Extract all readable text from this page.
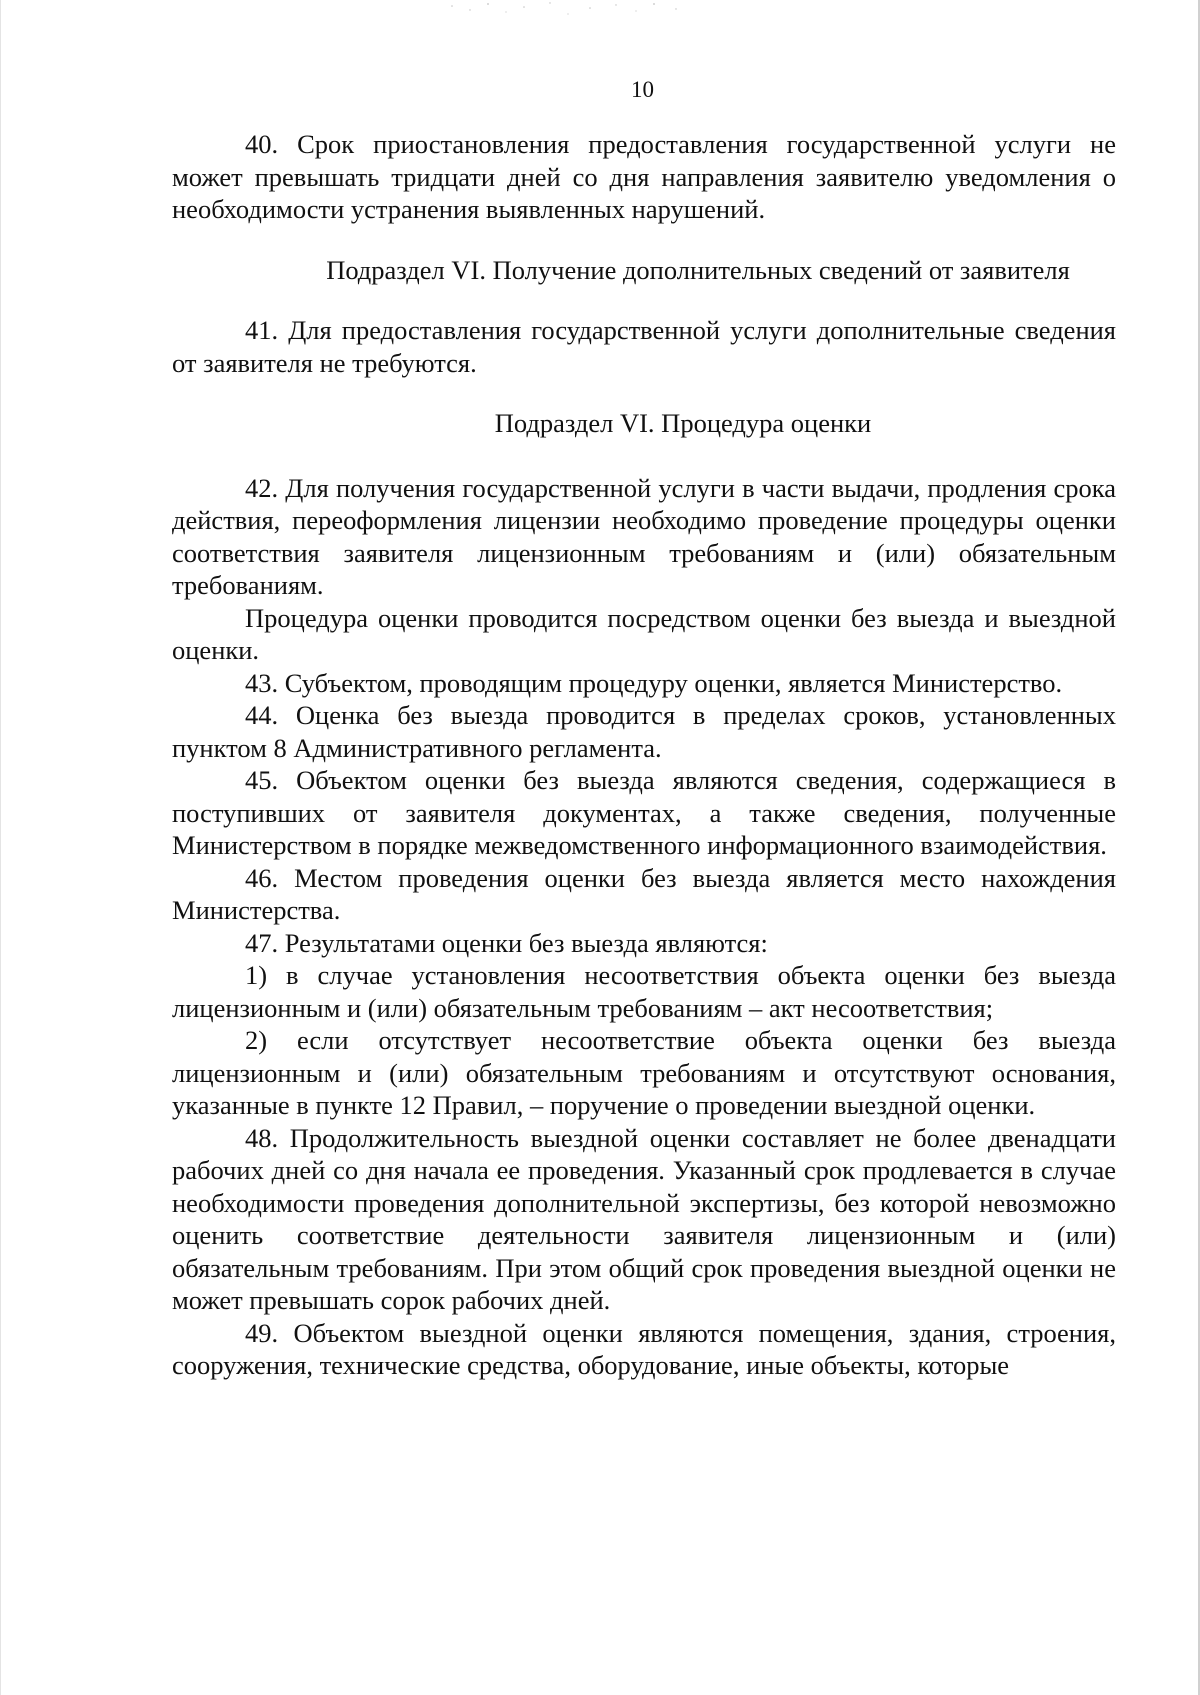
10

40. Срок приостановления предоставления государственной услуги не может превышать тридцати дней со дня направления заявителю уведомления о необходимости устранения выявленных нарушений.

Подраздел VI. Получение дополнительных сведений от заявителя

41. Для предоставления государственной услуги дополнительные сведения от заявителя не требуются.

Подраздел VI. Процедура оценки

42. Для получения государственной услуги в части выдачи, продления срока действия, переоформления лицензии необходимо проведение процедуры оценки соответствия заявителя лицензионным требованиям и (или) обязательным требованиям.

Процедура оценки проводится посредством оценки без выезда и выездной оценки.

43. Субъектом, проводящим процедуру оценки, является Министерство.

44. Оценка без выезда проводится в пределах сроков, установленных пунктом 8 Административного регламента.

45. Объектом оценки без выезда являются сведения, содержащиеся в поступивших от заявителя документах, а также сведения, полученные Министерством в порядке межведомственного информационного взаимодействия.

46. Местом проведения оценки без выезда является место нахождения Министерства.

47. Результатами оценки без выезда являются:

1) в случае установления несоответствия объекта оценки без выезда лицензионным и (или) обязательным требованиям – акт несоответствия;

2) если отсутствует несоответствие объекта оценки без выезда лицензионным и (или) обязательным требованиям и отсутствуют основания, указанные в пункте 12 Правил, – поручение о проведении выездной оценки.

48. Продолжительность выездной оценки составляет не более двенадцати рабочих дней со дня начала ее проведения. Указанный срок продлевается в случае необходимости проведения дополнительной экспертизы, без которой невозможно оценить соответствие деятельности заявителя лицензионным и (или) обязательным требованиям. При этом общий срок проведения выездной оценки не может превышать сорок рабочих дней.

49. Объектом выездной оценки являются помещения, здания, строения, сооружения, технические средства, оборудование, иные объекты, которые
